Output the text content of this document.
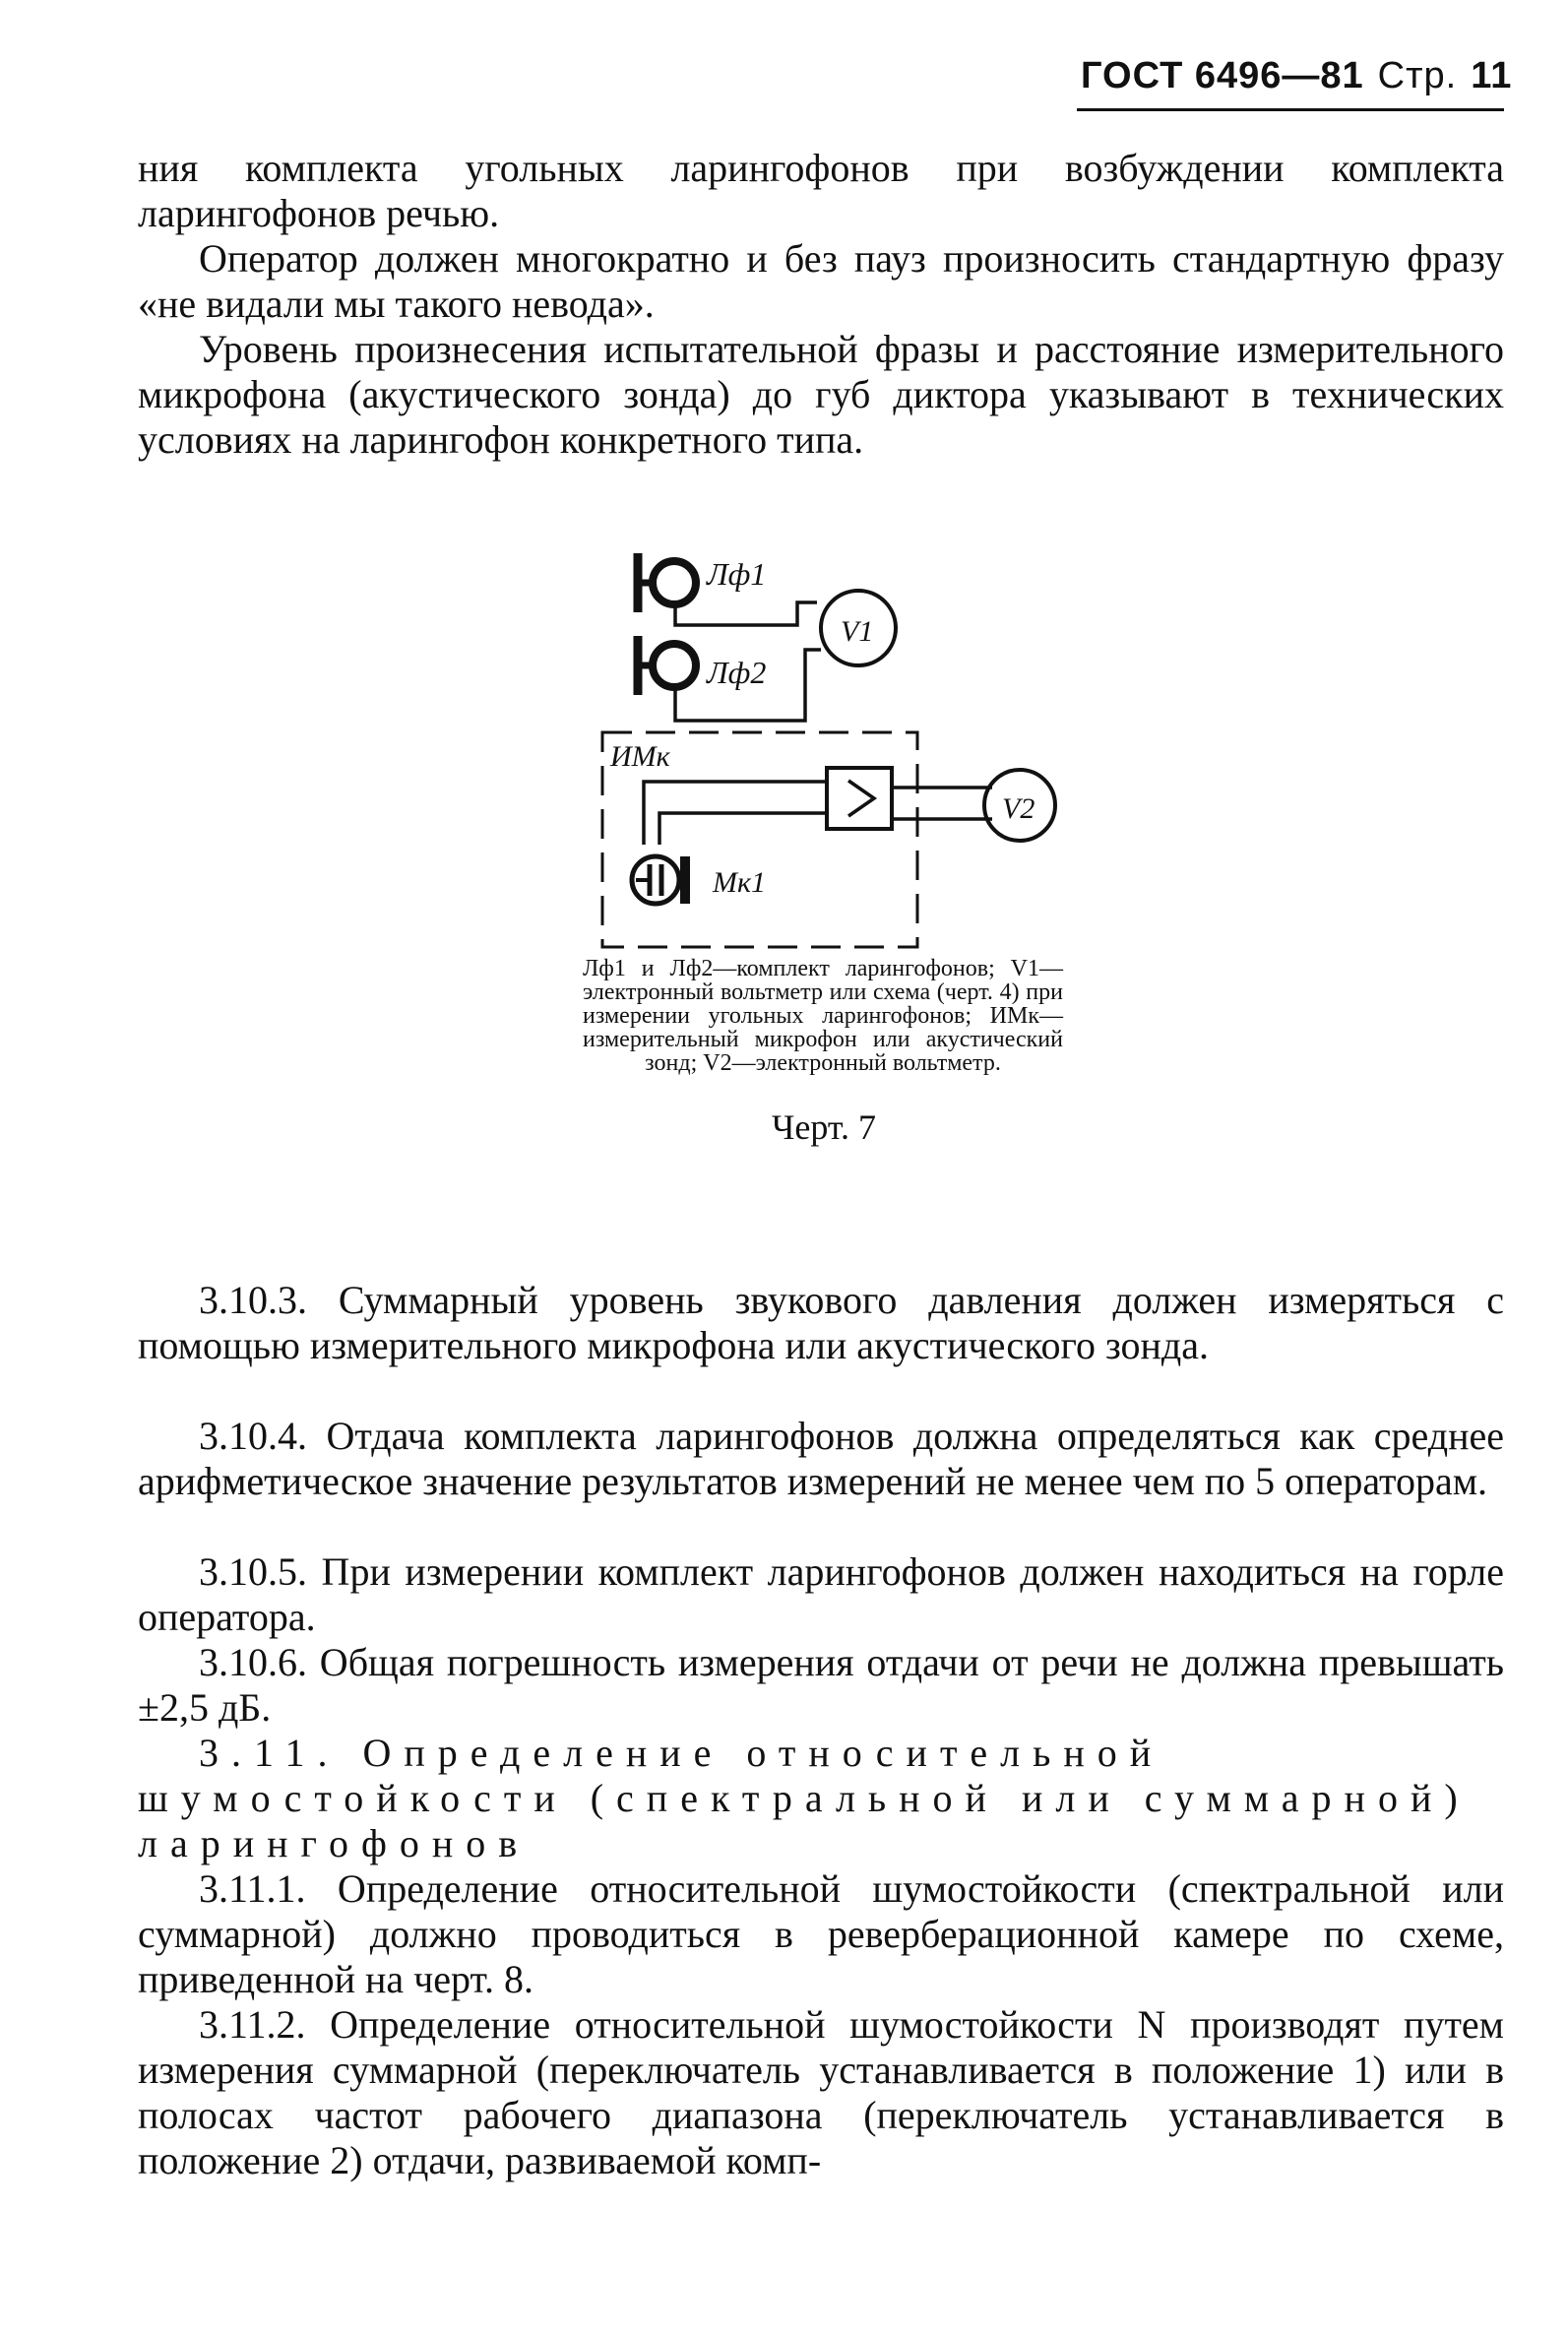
ГОСТ 6496—81 Стр. 11

ния комплекта угольных ларингофонов при возбуждении комплекта ларингофонов речью.

Оператор должен многократно и без пауз произносить стандартную фразу «не видали мы такого невода».

Уровень произнесения испытательной фразы и расстояние измерительного микрофона (акустического зонда) до губ диктора указывают в технических условиях на ларингофон конкретного типа.

Лф1
Лф2
V1
V2
ИМк
Мк1
Лф1 и Лф2—комплект ларингофонов; V1—электронный вольтметр или схема (черт. 4) при измерении угольных ларингофонов; ИМк—измерительный микрофон или акустический зонд; V2—электронный вольтметр.
Черт. 7

3.10.3. Суммарный уровень звукового давления должен измеряться с помощью измерительного микрофона или акустического зонда.

3.10.4. Отдача комплекта ларингофонов должна определяться как среднее арифметическое значение результатов измерений не менее чем по 5 операторам.

3.10.5. При измерении комплект ларингофонов должен находиться на горле оператора.

3.10.6. Общая погрешность измерения отдачи от речи не должна превышать ±2,5 дБ.

3.11. Определение относительной шумостойкости (спектральной или суммарной) ларингофонов

3.11.1. Определение относительной шумостойкости (спектральной или суммарной) должно проводиться в реверберационной камере по схеме, приведенной на черт. 8.

3.11.2. Определение относительной шумостойкости N производят путем измерения суммарной (переключатель устанавливается в положение 1) или в полосах частот рабочего диапазона (переключатель устанавливается в положение 2) отдачи, развиваемой комп-
